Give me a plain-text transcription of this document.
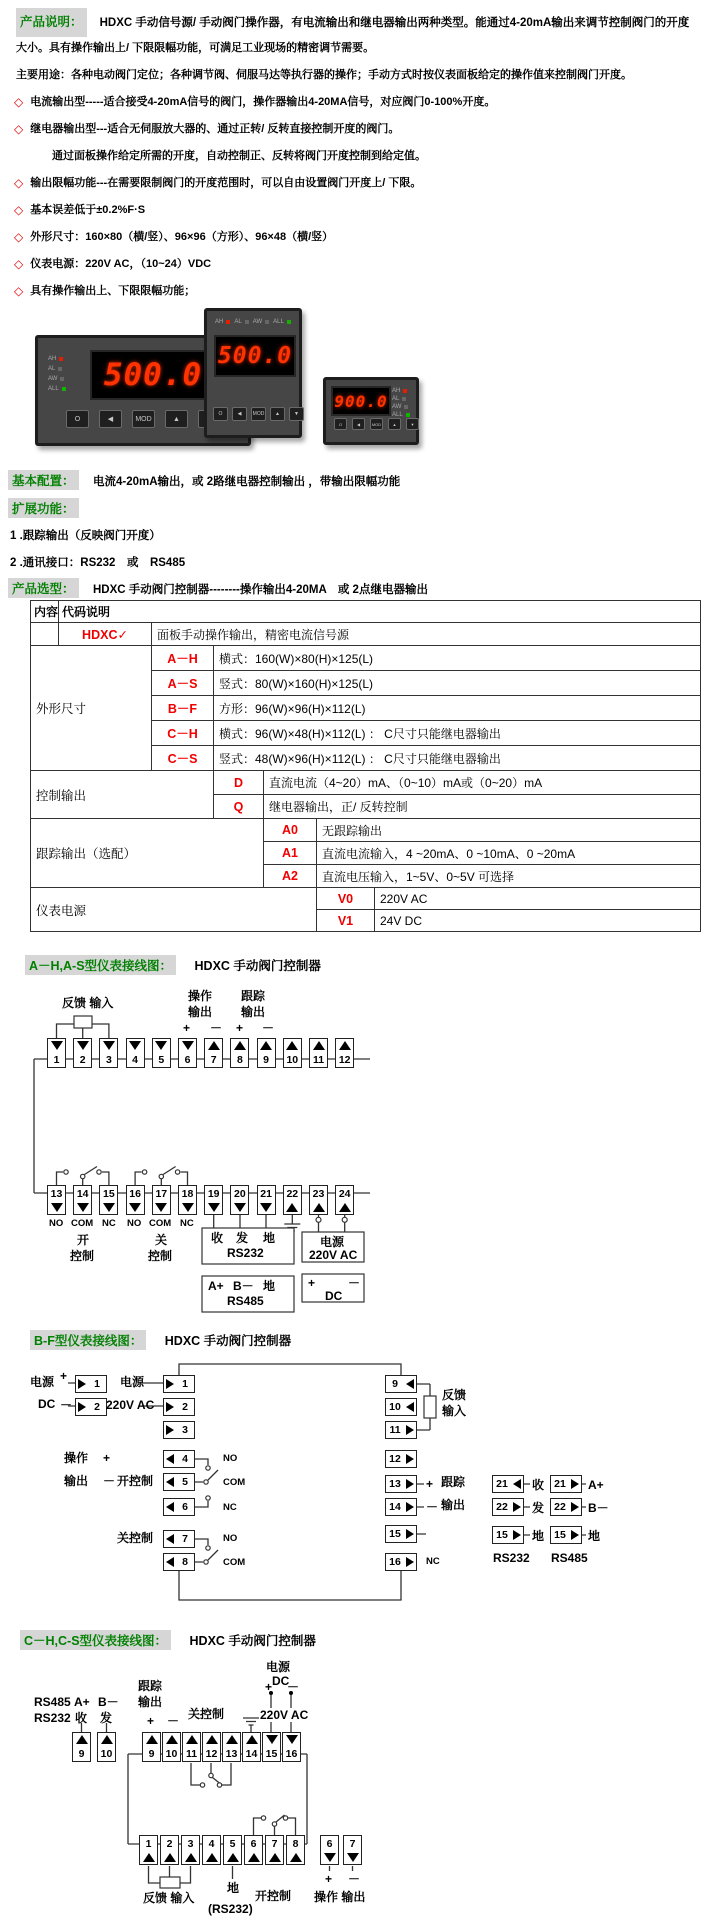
产品说明： HDXC 手动信号源/ 手动阀门操作器，有电流输出和继电器输出两种类型。能通过4-20mA输出来调节控制阀门的开度
大小。具有操作输出上/ 下限限幅功能，可满足工业现场的精密调节需要。
主要用途：各种电动阀门定位；各种调节阀、伺服马达等执行器的操作；手动方式时按仪表面板给定的操作值来控制阀门开度。
◇ 电流输出型-----适合接受4-20mA信号的阀门，操作器输出4-20MA信号，对应阀门0-100%开度。
◇ 继电器输出型---适合无伺服放大器的、通过正转/ 反转直接控制开度的阀门。
通过面板操作给定所需的开度，自动控制正、反转将阀门开度控制到给定值。
◇ 输出限幅功能---在需要限制阀门的开度范围时，可以自由设置阀门开度上/ 下限。
◇ 基本误差低于±0.2%F·S
◇ 外形尺寸：160×80（横/竖）、96×96（方形）、96×48（横/竖）
◇ 仪表电源：220V AC，（10~24）VDC
◇ 具有操作输出上、下限限幅功能；
AH
AL
AW
ALL	500.0
O	◀	MOD	▲
AH	AL	AW	ALL
500.0
O	◀	MOD	▲	▼
900.0
AH
AL
AW
ALL
O	◀	MOD	▲	▼
基本配置： 电流4-20mA输出，或 2路继电器控制输出 ，带输出限幅功能
扩展功能：
1 .跟踪输出（反映阀门开度）
2 .通讯接口：RS232　或　RS485
产品选型： HDXC 手动阀门控制器--------操作输出4-20MA　或 2点继电器输出
内容 代码说明
HDXC✓	面板手动操作输出，精密电流信号源
外形尺寸
A－H	横式：160(W)×80(H)×125(L)
A－S	竖式：80(W)×160(H)×125(L)
B－F	方形：96(W)×96(H)×112(L)
C－H	横式：96(W)×48(H)×112(L) ： C尺寸只能继电器输出
C－S	竖式：48(W)×96(H)×112(L) ： C尺寸只能继电器输出
控制输出
D	直流电流（4~20）mA、（0~10）mA或（0~20）mA
Q	继电器输出，正/ 反转控制
跟踪输出（选配）
A0	无跟踪输出
A1	直流电流输入，4 ~20mA、0 ~10mA、0 ~20mA
A2	直流电压输入，1~5V、0~5V 可选择
仪表电源
V0	220V AC
V1	24V DC
A－H,A-S型仪表接线图： HDXC 手动阀门控制器
1	2	3	4	5	6	7	8	9	10 11 12
13 14 15 16 17 18 19 20 21 22 23 24
反馈 输入	操作
输出
跟踪
输出
+ － + －
NO COM NC NO COM NC
开
控制
关
控制
收 发 地
RS232
A+ B－ 地
RS485
电源
220V AC
+	－
DC
B-F型仪表接线图： HDXC 手动阀门控制器
1
2
1
2
3
4
5
6
7
8
9
10
11
12
13
14
15
16
21
22
15
21
22
15
电源
DC
+
－
电源
220V AC
操作 +
输出 － 开控制
关控制
NO
COM
NC
NO
COM
反馈
输入
+ 跟踪
－ 输出
NC
收
发
地
RS232
A+
B－
地
RS485
C－H,C-S型仪表接线图： HDXC 手动阀门控制器
9	10	9	10 11 12 13 14 15 16
1	2	3	4	5	6	7	8	6	7
RS485 A+ B－
RS232 收 发
跟踪
输出
+ － 关控制
电源
DC
+ －
220V AC
反馈 输入
地
(RS232)
开控制
+ －
操作 输出
